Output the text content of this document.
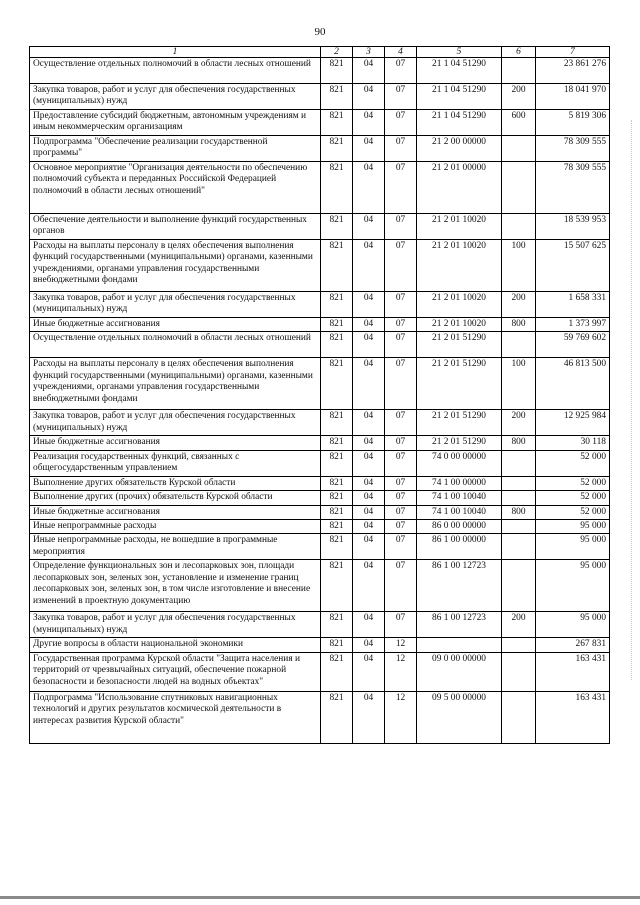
90
1	2	3	4	5	6	7
Осуществление отдельных полномочий в области лесных отношений	821	04	07	21 1 04 51290		23 861 276
Закупка товаров, работ и услуг для обеспечения государственных (муниципальных) нужд	821	04	07	21 1 04 51290	200	18 041 970
Предоставление субсидий бюджетным, автономным учреждениям и иным некоммерческим организациям	821	04	07	21 1 04 51290	600	5 819 306
Подпрограмма "Обеспечение реализации государственной программы"	821	04	07	21 2 00 00000		78 309 555
Основное мероприятие "Организация деятельности по обеспечению полномочий субъекта и переданных Российской Федерацией полномочий в области лесных отношений"	821	04	07	21 2 01 00000		78 309 555
Обеспечение деятельности и выполнение функций государственных органов	821	04	07	21 2 01 10020		18 539 953
Расходы на выплаты персоналу в целях обеспечения выполнения функций государственными (муниципальными) органами, казенными учреждениями, органами управления государственными внебюджетными фондами	821	04	07	21 2 01 10020	100	15 507 625
Закупка товаров, работ и услуг для обеспечения государственных (муниципальных) нужд	821	04	07	21 2 01 10020	200	1 658 331
Иные бюджетные ассигнования	821	04	07	21 2 01 10020	800	1 373 997
Осуществление отдельных полномочий в области лесных отношений	821	04	07	21 2 01 51290		59 769 602
Расходы на выплаты персоналу в целях обеспечения выполнения функций государственными (муниципальными) органами, казенными учреждениями, органами управления государственными внебюджетными фондами	821	04	07	21 2 01 51290	100	46 813 500
Закупка товаров, работ и услуг для обеспечения государственных (муниципальных) нужд	821	04	07	21 2 01 51290	200	12 925 984
Иные бюджетные ассигнования	821	04	07	21 2 01 51290	800	30 118
Реализация государственных функций, связанных с общегосударственным управлением	821	04	07	74 0 00 00000		52 000
Выполнение других обязательств Курской области	821	04	07	74 1 00 00000		52 000
Выполнение других (прочих) обязательств Курской области	821	04	07	74 1 00 10040		52 000
Иные бюджетные ассигнования	821	04	07	74 1 00 10040	800	52 000
Иные непрограммные расходы	821	04	07	86 0 00 00000		95 000
Иные непрограммные расходы, не вошедшие в программные мероприятия	821	04	07	86 1 00 00000		95 000
Определение функциональных зон и лесопарковых зон, площади лесопарковых зон, зеленых зон, установление и изменение границ лесопарковых зон, зеленых зон, в том числе изготовление и внесение изменений в проектную документацию	821	04	07	86 1 00 12723		95 000
Закупка товаров, работ и услуг для обеспечения государственных (муниципальных) нужд	821	04	07	86 1 00 12723	200	95 000
Другие вопросы в области национальной экономики	821	04	12			267 831
Государственная программа Курской области "Защита населения и территорий от чрезвычайных ситуаций, обеспечение пожарной безопасности и безопасности людей на водных объектах"	821	04	12	09 0 00 00000		163 431
Подпрограмма "Использование спутниковых навигационных технологий и других результатов космической деятельности в интересах развития Курской области"	821	04	12	09 5 00 00000		163 431
